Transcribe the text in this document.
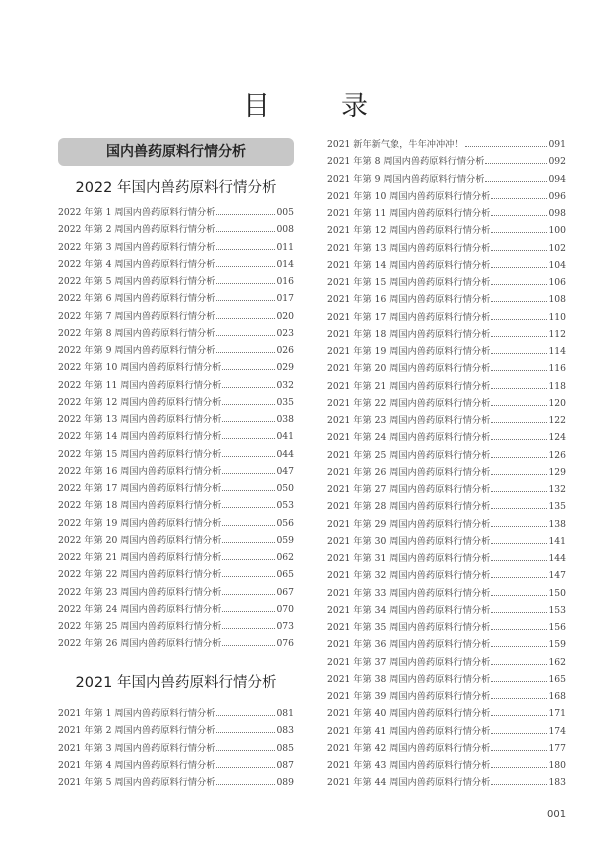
目　录
国内兽药原料行情分析
2022 年国内兽药原料行情分析
2022 年第 1 周国内兽药原料行情分析	005
2022 年第 2 周国内兽药原料行情分析	008
2022 年第 3 周国内兽药原料行情分析	011
2022 年第 4 周国内兽药原料行情分析	014
2022 年第 5 周国内兽药原料行情分析	016
2022 年第 6 周国内兽药原料行情分析	017
2022 年第 7 周国内兽药原料行情分析	020
2022 年第 8 周国内兽药原料行情分析	023
2022 年第 9 周国内兽药原料行情分析	026
2022 年第 10 周国内兽药原料行情分析	029
2022 年第 11 周国内兽药原料行情分析	032
2022 年第 12 周国内兽药原料行情分析	035
2022 年第 13 周国内兽药原料行情分析	038
2022 年第 14 周国内兽药原料行情分析	041
2022 年第 15 周国内兽药原料行情分析	044
2022 年第 16 周国内兽药原料行情分析	047
2022 年第 17 周国内兽药原料行情分析	050
2022 年第 18 周国内兽药原料行情分析	053
2022 年第 19 周国内兽药原料行情分析	056
2022 年第 20 周国内兽药原料行情分析	059
2022 年第 21 周国内兽药原料行情分析	062
2022 年第 22 周国内兽药原料行情分析	065
2022 年第 23 周国内兽药原料行情分析	067
2022 年第 24 周国内兽药原料行情分析	070
2022 年第 25 周国内兽药原料行情分析	073
2022 年第 26 周国内兽药原料行情分析	076
2021 年国内兽药原料行情分析
2021 年第 1 周国内兽药原料行情分析	081
2021 年第 2 周国内兽药原料行情分析	083
2021 年第 3 周国内兽药原料行情分析	085
2021 年第 4 周国内兽药原料行情分析	087
2021 年第 5 周国内兽药原料行情分析	089
2021 新年新气象，牛年冲冲冲！	091
2021 年第 8 周国内兽药原料行情分析	092
2021 年第 9 周国内兽药原料行情分析	094
2021 年第 10 周国内兽药原料行情分析	096
2021 年第 11 周国内兽药原料行情分析	098
2021 年第 12 周国内兽药原料行情分析	100
2021 年第 13 周国内兽药原料行情分析	102
2021 年第 14 周国内兽药原料行情分析	104
2021 年第 15 周国内兽药原料行情分析	106
2021 年第 16 周国内兽药原料行情分析	108
2021 年第 17 周国内兽药原料行情分析	110
2021 年第 18 周国内兽药原料行情分析	112
2021 年第 19 周国内兽药原料行情分析	114
2021 年第 20 周国内兽药原料行情分析	116
2021 年第 21 周国内兽药原料行情分析	118
2021 年第 22 周国内兽药原料行情分析	120
2021 年第 23 周国内兽药原料行情分析	122
2021 年第 24 周国内兽药原料行情分析	124
2021 年第 25 周国内兽药原料行情分析	126
2021 年第 26 周国内兽药原料行情分析	129
2021 年第 27 周国内兽药原料行情分析	132
2021 年第 28 周国内兽药原料行情分析	135
2021 年第 29 周国内兽药原料行情分析	138
2021 年第 30 周国内兽药原料行情分析	141
2021 年第 31 周国内兽药原料行情分析	144
2021 年第 32 周国内兽药原料行情分析	147
2021 年第 33 周国内兽药原料行情分析	150
2021 年第 34 周国内兽药原料行情分析	153
2021 年第 35 周国内兽药原料行情分析	156
2021 年第 36 周国内兽药原料行情分析	159
2021 年第 37 周国内兽药原料行情分析	162
2021 年第 38 周国内兽药原料行情分析	165
2021 年第 39 周国内兽药原料行情分析	168
2021 年第 40 周国内兽药原料行情分析	171
2021 年第 41 周国内兽药原料行情分析	174
2021 年第 42 周国内兽药原料行情分析	177
2021 年第 43 周国内兽药原料行情分析	180
2021 年第 44 周国内兽药原料行情分析	183
001
